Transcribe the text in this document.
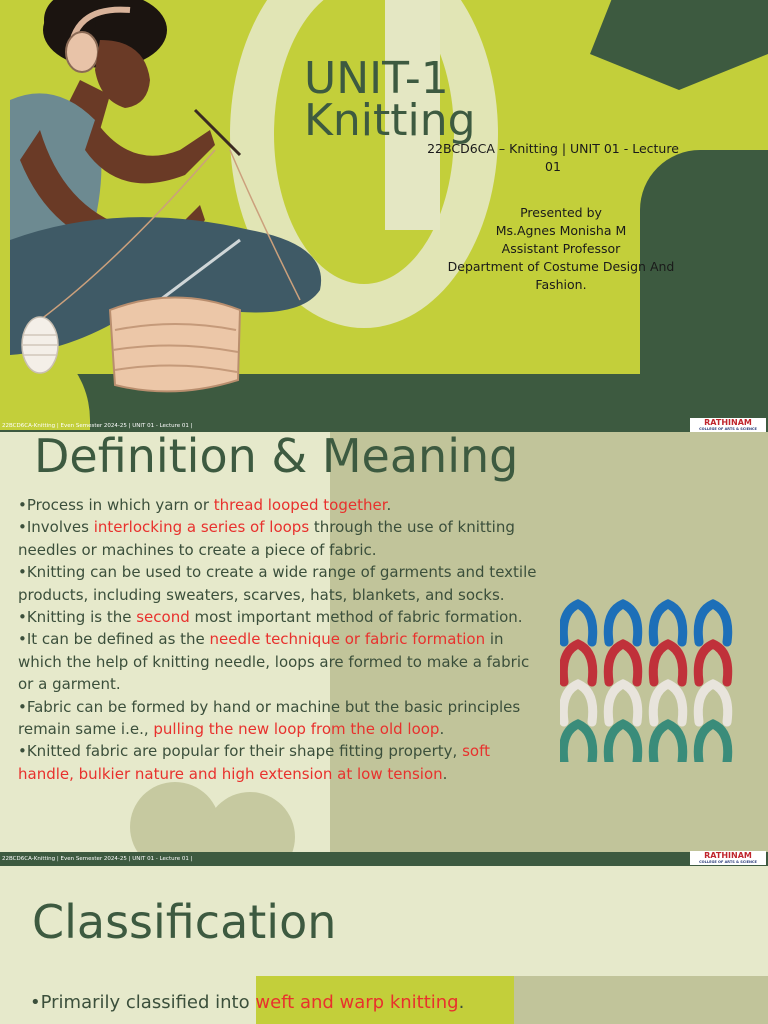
UNIT-1
Knitting
22BCD6CA – Knitting | UNIT 01 - Lecture 01
Presented by
Ms.Agnes Monisha M
Assistant Professor
Department of Costume Design And Fashion.
22BCD6CA-Knitting | Even Semester 2024-25 | UNIT 01 - Lecture 01 |	RATHINAM
COLLEGE OF ARTS & SCIENCE
Definition & Meaning
•Process in which yarn or thread looped together.
•Involves interlocking a series of loops through the use of knitting needles or machines to create a piece of fabric.
•Knitting can be used to create a wide range of garments and textile products, including sweaters, scarves, hats, blankets, and socks.
•Knitting is the second most important method of fabric formation.
•It can be defined as the needle technique or fabric formation in which the help of knitting needle, loops are formed to make a fabric or a garment.
•Fabric can be formed by hand or machine but the basic principles remain same i.e., pulling the new loop from the old loop.
•Knitted fabric are popular for their shape fitting property, soft handle, bulkier nature and high extension at low tension.
22BCD6CA-Knitting | Even Semester 2024-25 | UNIT 01 - Lecture 01 |	RATHINAM
COLLEGE OF ARTS & SCIENCE
Classification
•Primarily classified into weft and warp knitting.
